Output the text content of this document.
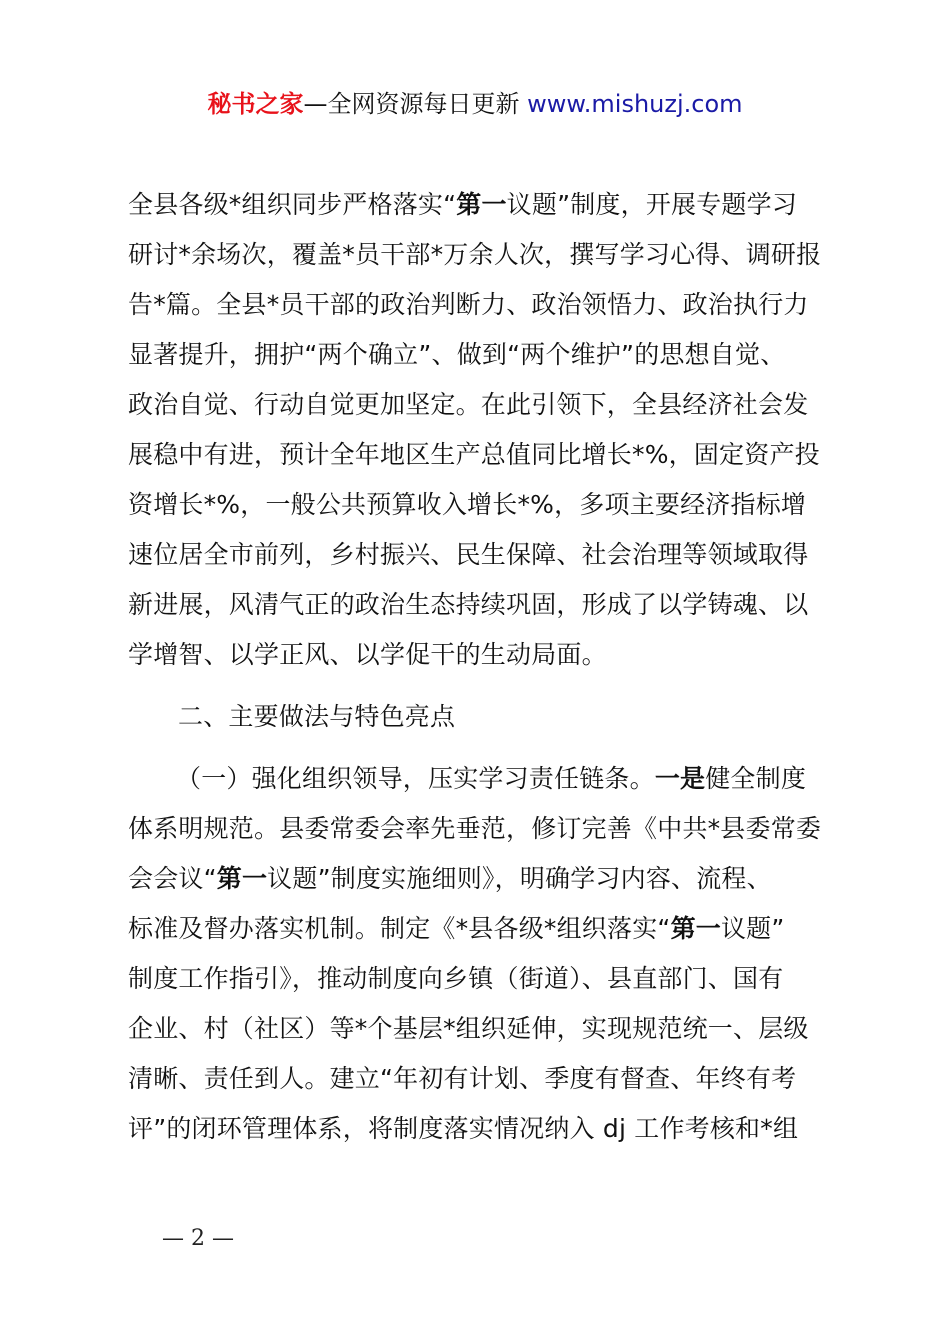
秘书之家—全网资源每日更新 www.mishuzj.com
全县各级*组织同步严格落实“第一议题”制度，开展专题学习
研讨*余场次，覆盖*员干部*万余人次，撰写学习心得、调研报
告*篇。全县*员干部的政治判断力、政治领悟力、政治执行力
显著提升，拥护“两个确立”、做到“两个维护”的思想自觉、
政治自觉、行动自觉更加坚定。在此引领下，全县经济社会发
展稳中有进，预计全年地区生产总值同比增长*%，固定资产投
资增长*%，一般公共预算收入增长*%，多项主要经济指标增
速位居全市前列，乡村振兴、民生保障、社会治理等领域取得
新进展，风清气正的政治生态持续巩固，形成了以学铸魂、以
学增智、以学正风、以学促干的生动局面。
二、主要做法与特色亮点
（一）强化组织领导，压实学习责任链条。一是健全制度
体系明规范。县委常委会率先垂范，修订完善《中共*县委常委
会会议“第一议题”制度实施细则》，明确学习内容、流程、
标准及督办落实机制。制定《*县各级*组织落实“第一议题”
制度工作指引》，推动制度向乡镇（街道）、县直部门、国有
企业、村（社区）等*个基层*组织延伸，实现规范统一、层级
清晰、责任到人。建立“年初有计划、季度有督查、年终有考
评”的闭环管理体系，将制度落实情况纳入 dj 工作考核和*组
— 2 —
